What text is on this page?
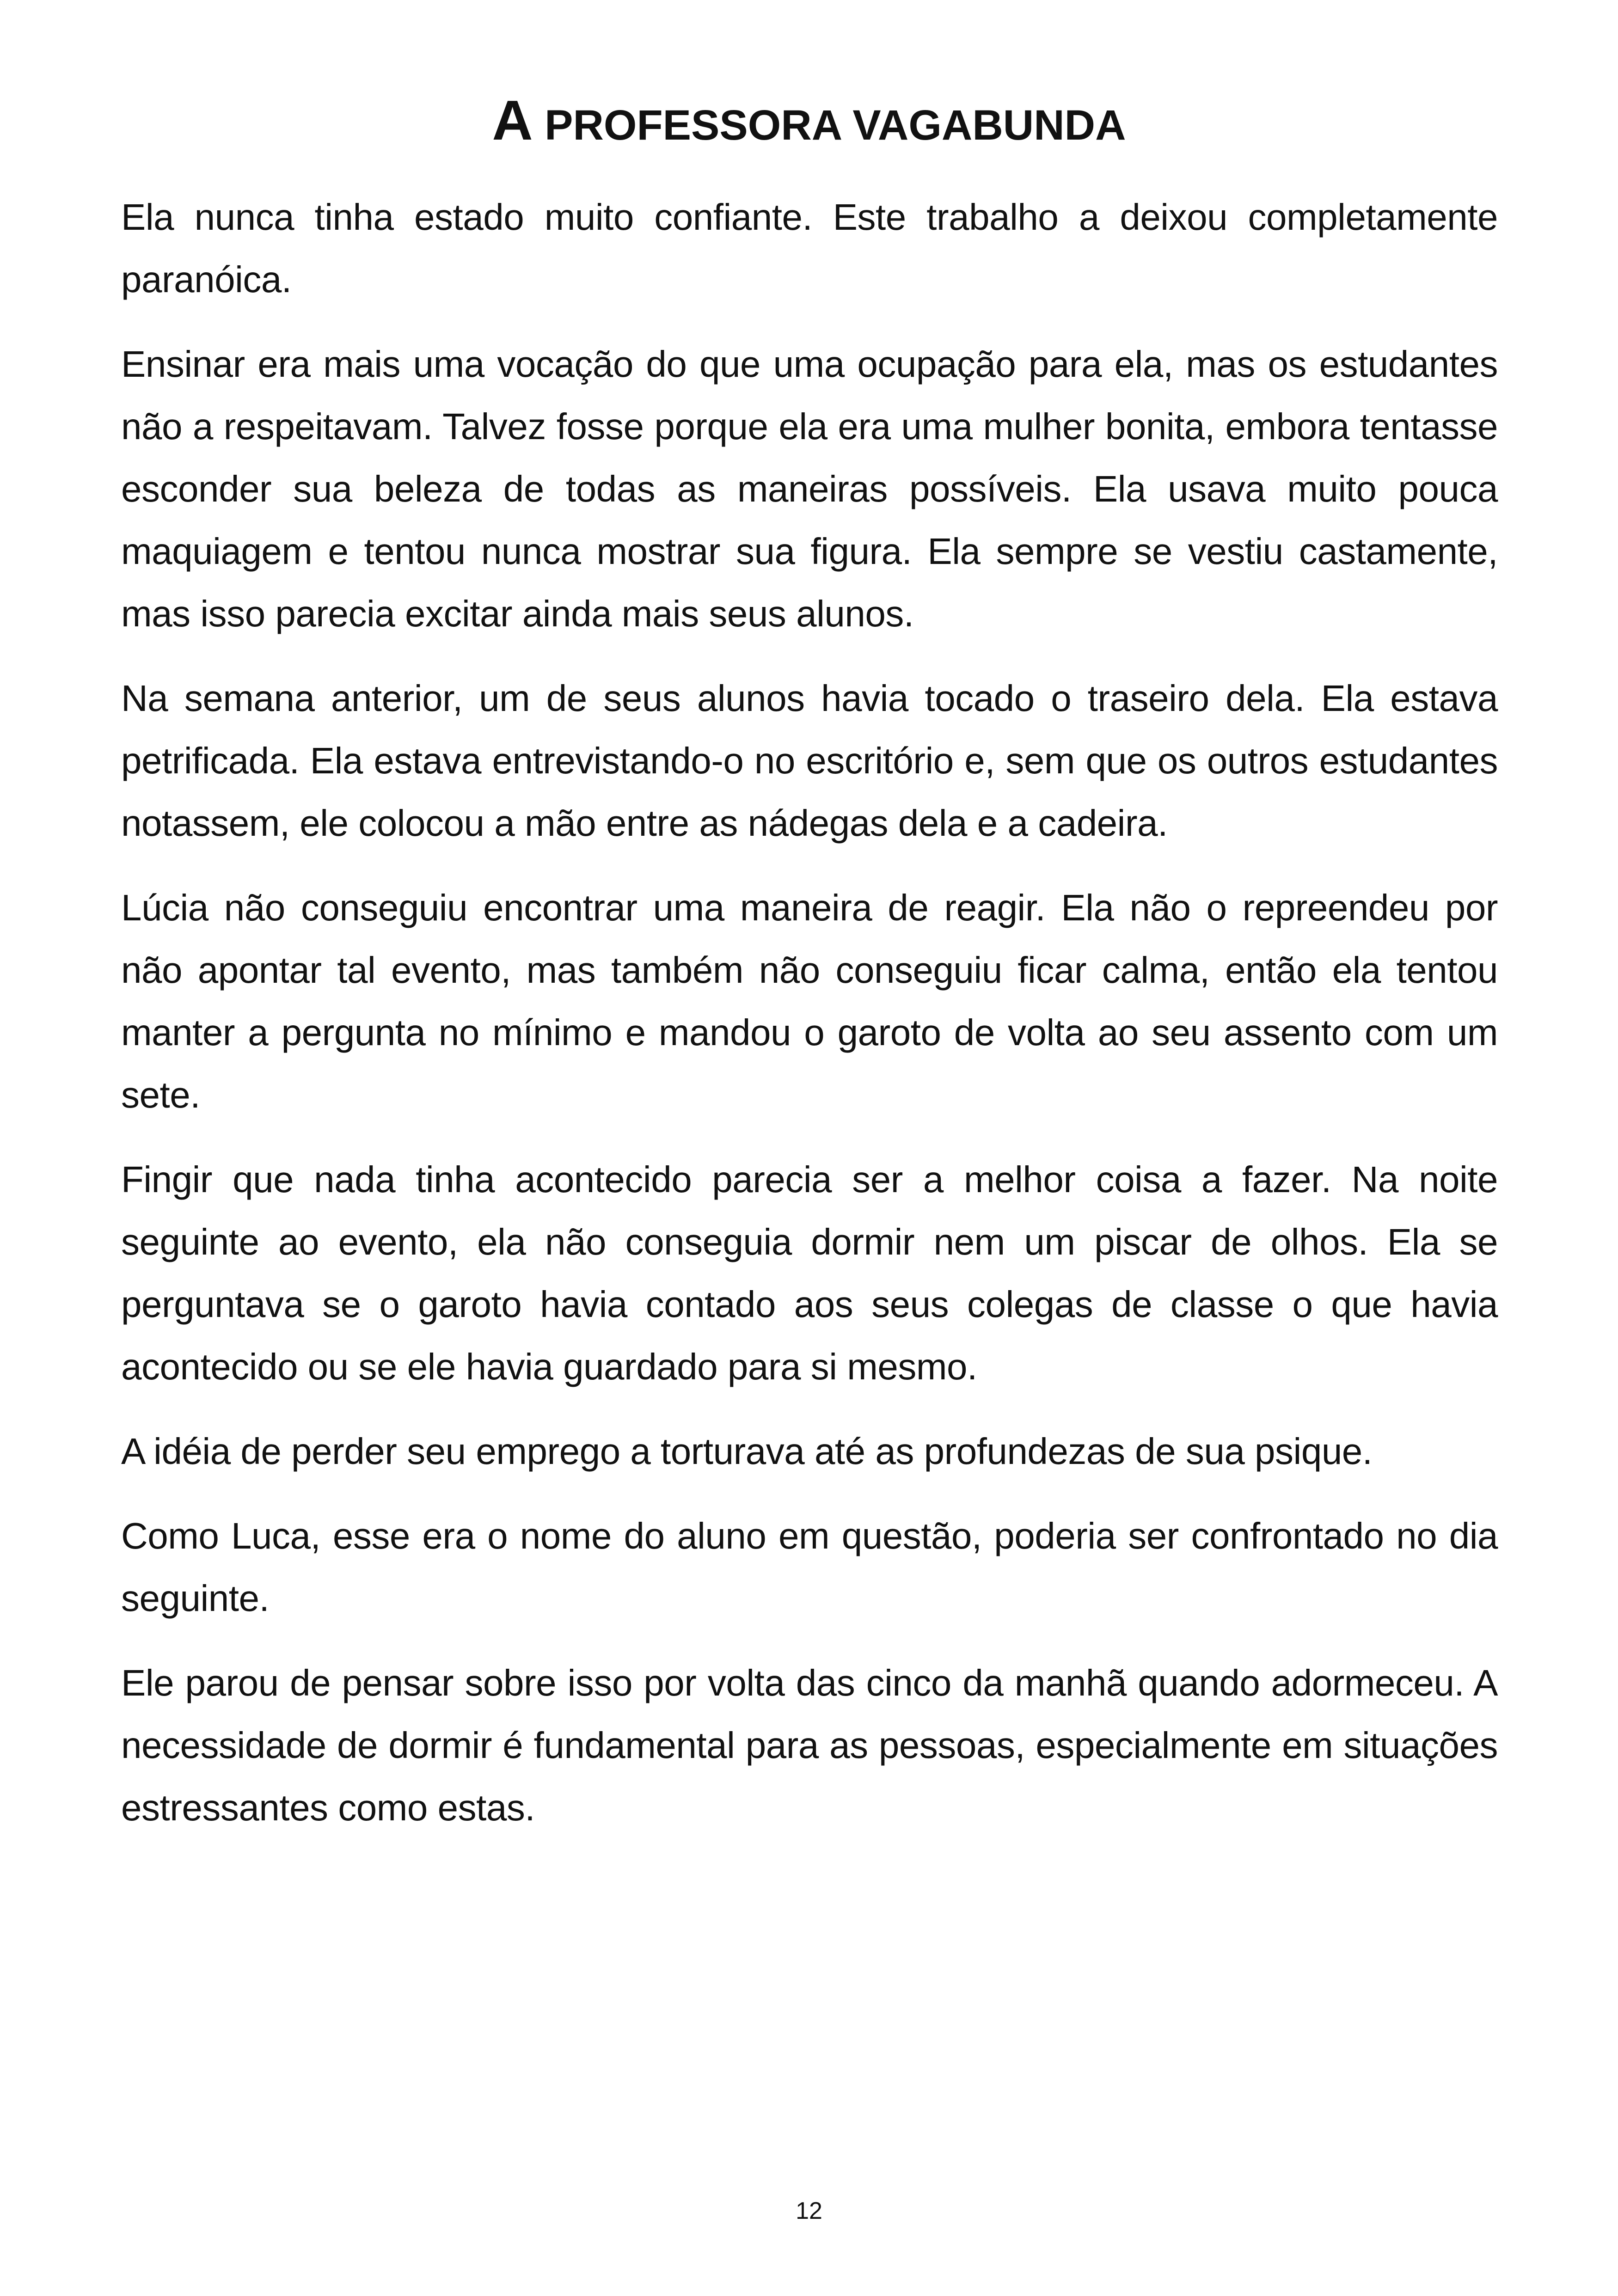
A PROFESSORA VAGABUNDA

Ela nunca tinha estado muito confiante. Este trabalho a deixou completamente paranóica.

Ensinar era mais uma vocação do que uma ocupação para ela, mas os estudantes não a respeitavam. Talvez fosse porque ela era uma mulher bonita, embora tentasse esconder sua beleza de todas as maneiras possíveis. Ela usava muito pouca maquiagem e tentou nunca mostrar sua figura. Ela sempre se vestiu castamente, mas isso parecia excitar ainda mais seus alunos.

Na semana anterior, um de seus alunos havia tocado o traseiro dela. Ela estava petrificada. Ela estava entrevistando-o no escritório e, sem que os outros estudantes notassem, ele colocou a mão entre as nádegas dela e a cadeira.

Lúcia não conseguiu encontrar uma maneira de reagir. Ela não o repreendeu por não apontar tal evento, mas também não conseguiu ficar calma, então ela tentou manter a pergunta no mínimo e mandou o garoto de volta ao seu assento com um sete.

Fingir que nada tinha acontecido parecia ser a melhor coisa a fazer. Na noite seguinte ao evento, ela não conseguia dormir nem um piscar de olhos. Ela se perguntava se o garoto havia contado aos seus colegas de classe o que havia acontecido ou se ele havia guardado para si mesmo.

A idéia de perder seu emprego a torturava até as profundezas de sua psique.

Como Luca, esse era o nome do aluno em questão, poderia ser confrontado no dia seguinte.

Ele parou de pensar sobre isso por volta das cinco da manhã quando adormeceu. A necessidade de dormir é fundamental para as pessoas, especialmente em situações estressantes como estas.

12
